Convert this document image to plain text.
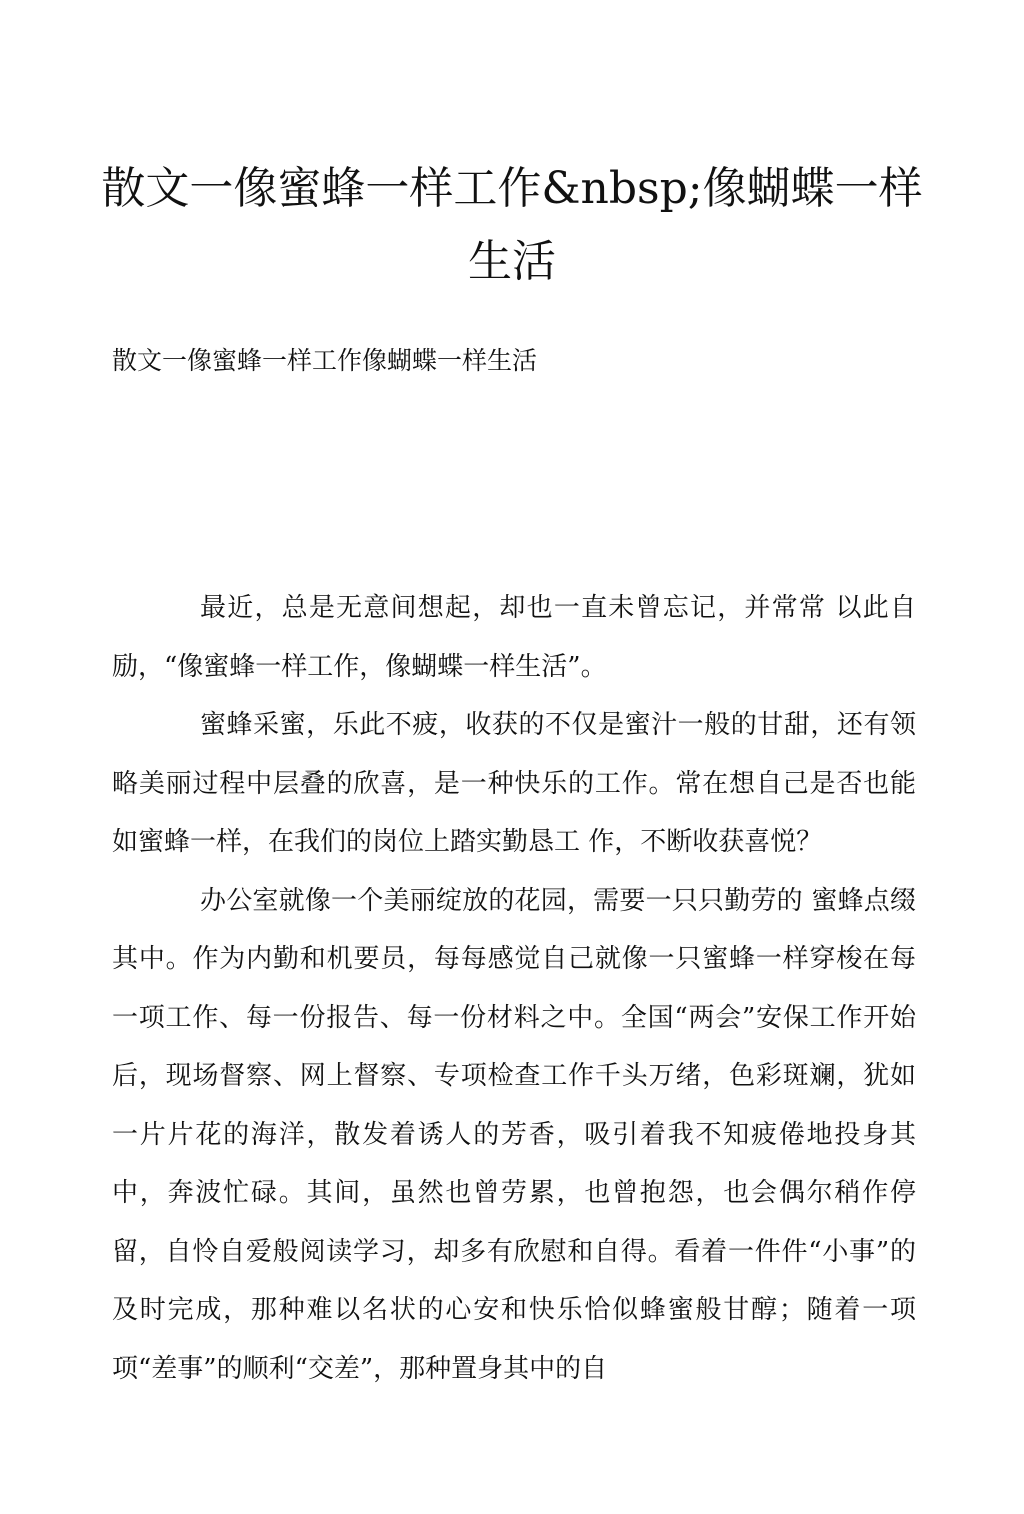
散文一像蜜蜂一样工作&nbsp;像蝴蝶一样生活

散文一像蜜蜂一样工作像蝴蝶一样生活

最近，总是无意间想起，却也一直未曾忘记，并常常 以此自励，“像蜜蜂一样工作，像蝴蝶一样生活”。

蜜蜂采蜜，乐此不疲，收获的不仅是蜜汁一般的甘甜，还有领略美丽过程中层叠的欣喜，是一种快乐的工作。常在想自己是否也能如蜜蜂一样，在我们的岗位上踏实勤恳工 作，不断收获喜悦？

办公室就像一个美丽绽放的花园，需要一只只勤劳的 蜜蜂点缀其中。作为内勤和机要员，每每感觉自己就像一只蜜蜂一样穿梭在每一项工作、每一份报告、每一份材料之中。全国“两会”安保工作开始后，现场督察、网上督察、专项检查工作千头万绪，色彩斑斓，犹如一片片花的海洋，散发着诱人的芳香，吸引着我不知疲倦地投身其中，奔波忙碌。其间，虽然也曾劳累，也曾抱怨，也会偶尔稍作停留，自怜自爱般阅读学习，却多有欣慰和自得。看着一件件“小事”的及时完成，那种难以名状的心安和快乐恰似蜂蜜般甘醇；随着一项项“差事”的顺利“交差”，那种置身其中的自
